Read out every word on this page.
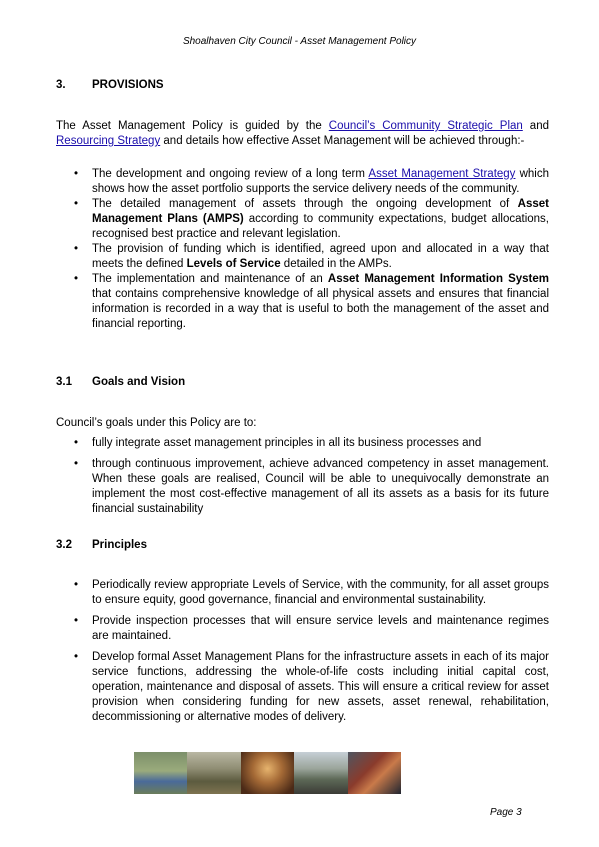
Shoalhaven City Council - Asset Management Policy
3. PROVISIONS
The Asset Management Policy is guided by the Council’s Community Strategic Plan and Resourcing Strategy and details how effective Asset Management will be achieved through:-
• The development and ongoing review of a long term Asset Management Strategy which shows how the asset portfolio supports the service delivery needs of the community.
• The detailed management of assets through the ongoing development of Asset Management Plans (AMPS) according to community expectations, budget allocations, recognised best practice and relevant legislation.
• The provision of funding which is identified, agreed upon and allocated in a way that meets the defined Levels of Service detailed in the AMPs.
• The implementation and maintenance of an Asset Management Information System that contains comprehensive knowledge of all physical assets and ensures that financial information is recorded in a way that is useful to both the management of the asset and financial reporting.
3.1 Goals and Vision
Council’s goals under this Policy are to:
• fully integrate asset management principles in all its business processes and
• through continuous improvement, achieve advanced competency in asset management. When these goals are realised, Council will be able to unequivocally demonstrate an implement the most cost-effective management of all its assets as a basis for its future financial sustainability
3.2 Principles
• Periodically review appropriate Levels of Service, with the community, for all asset groups to ensure equity, good governance, financial and environmental sustainability.
• Provide inspection processes that will ensure service levels and maintenance regimes are maintained.
• Develop formal Asset Management Plans for the infrastructure assets in each of its major service functions, addressing the whole-of-life costs including initial capital cost, operation, maintenance and disposal of assets. This will ensure a critical review for asset provision when considering funding for new assets, asset renewal, rehabilitation, decommissioning or alternative modes of delivery.
Page 3
